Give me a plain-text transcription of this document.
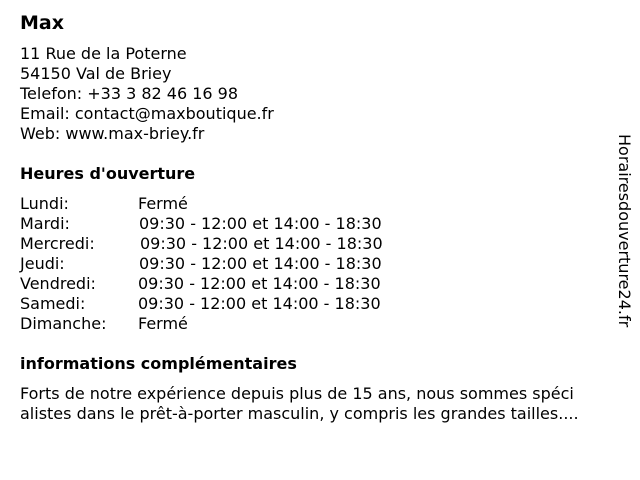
Max
11 Rue de la Poterne
54150 Val de Briey
Telefon: +33 3 82 46 16 98
Email: contact@maxboutique.fr
Web: www.max-briey.fr
Heures d'ouverture
Lundi:	Fermé
Mardi:	09:30 - 12:00 et 14:00 - 18:30
Mercredi:	09:30 - 12:00 et 14:00 - 18:30
Jeudi:	09:30 - 12:00 et 14:00 - 18:30
Vendredi:	09:30 - 12:00 et 14:00 - 18:30
Samedi:	09:30 - 12:00 et 14:00 - 18:30
Dimanche: Fermé
informations complémentaires
Forts de notre expérience depuis plus de 15 ans, nous sommes spéci
alistes dans le prêt-à-porter masculin, y compris les grandes tailles....
Horairesdouverture24.fr
